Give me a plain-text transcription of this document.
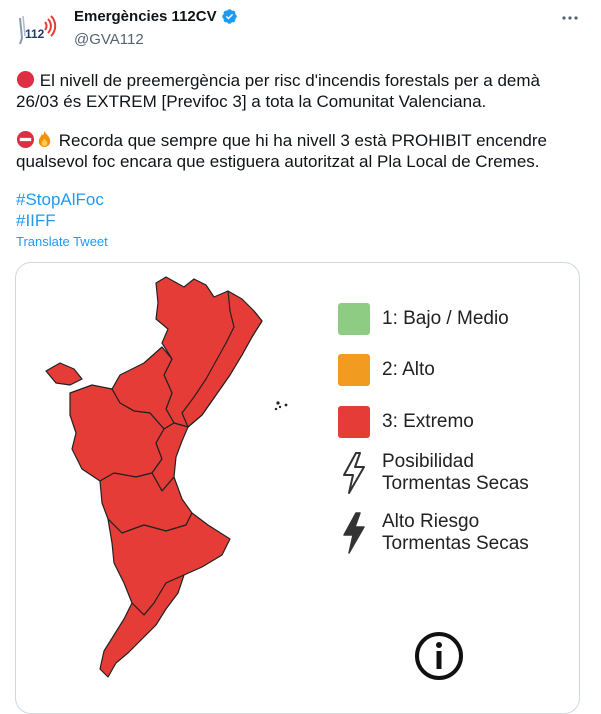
112
Emergències 112CV
@GVA112
El nivell de preemergència per risc d'incendis forestals per a demà 26/03 és EXTREM [Previfoc 3] a tota la Comunitat Valenciana.
Recorda que sempre que hi ha nivell 3 està PROHIBIT encendre qualsevol foc encara que estiguera autoritzat al Pla Local de Cremes.
#StopAlFoc
#IIFF
Translate Tweet
1: Bajo / Medio
2: Alto
3: Extremo
Posibilidad
Tormentas Secas
Alto Riesgo
Tormentas Secas
